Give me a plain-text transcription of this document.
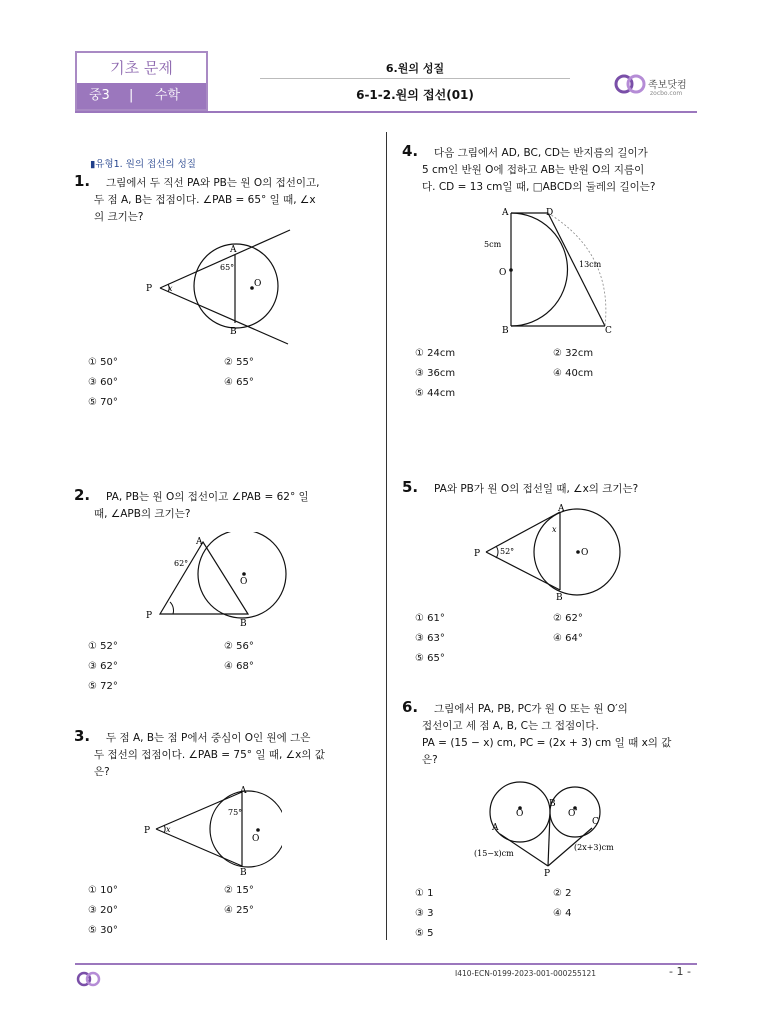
기초 문제
중3 | 수학
6.원의 성질
6-1-2.원의 접선(01)
족보닷컴
zocbo.com
▮유형1. 원의 접선의 성질
1.	그림에서 두 직선 PA와 PB는 원 O의 접선이고,
두 점 A, B는 접점이다. ∠PAB = 65° 일 때, ∠x
의 크기는?
A
B
P	O
x
65°
① 50°	② 55°
③ 60°	④ 65°
⑤ 70°
2.	PA, PB는 원 O의 접선이고 ∠PAB = 62° 일
때, ∠APB의 크기는?
A
B
P
O
62°
① 52°	② 56°
③ 62°	④ 68°
⑤ 72°
3.	두 점 A, B는 점 P에서 중심이 O인 원에 그은
두 접선의 접점이다. ∠PAB = 75° 일 때, ∠x의 값
은?
A
B
P
O
x
75°
① 10°	② 15°
③ 20°	④ 25°
⑤ 30°
4.	다음 그림에서 AD, BC, CD는 반지름의 길이가
5 cm인 반원 O에 접하고 AB는 반원 O의 지름이
다. CD = 13 cm일 때, □ABCD의 둘레의 길이는?
A	D
B	C
O
5cm
13cm
① 24cm	② 32cm
③ 36cm	④ 40cm
⑤ 44cm
5. PA와 PB가 원 O의 접선일 때, ∠x의 크기는?
A
B
P	O
x
52°
① 61°	② 62°
③ 63°	④ 64°
⑤ 65°
6.	그림에서 PA, PB, PC가 원 O 또는 원 O′의
접선이고 세 점 A, B, C는 그 접점이다.
PA = (15 − x) cm, PC = (2x + 3) cm 일 때 x의 값
은?
B
A
C
P
O	O′
(15−x)cm
(2x+3)cm
① 1	② 2
③ 3	④ 4
⑤ 5
I410-ECN-0199-2023-001-000255121	- 1 -
